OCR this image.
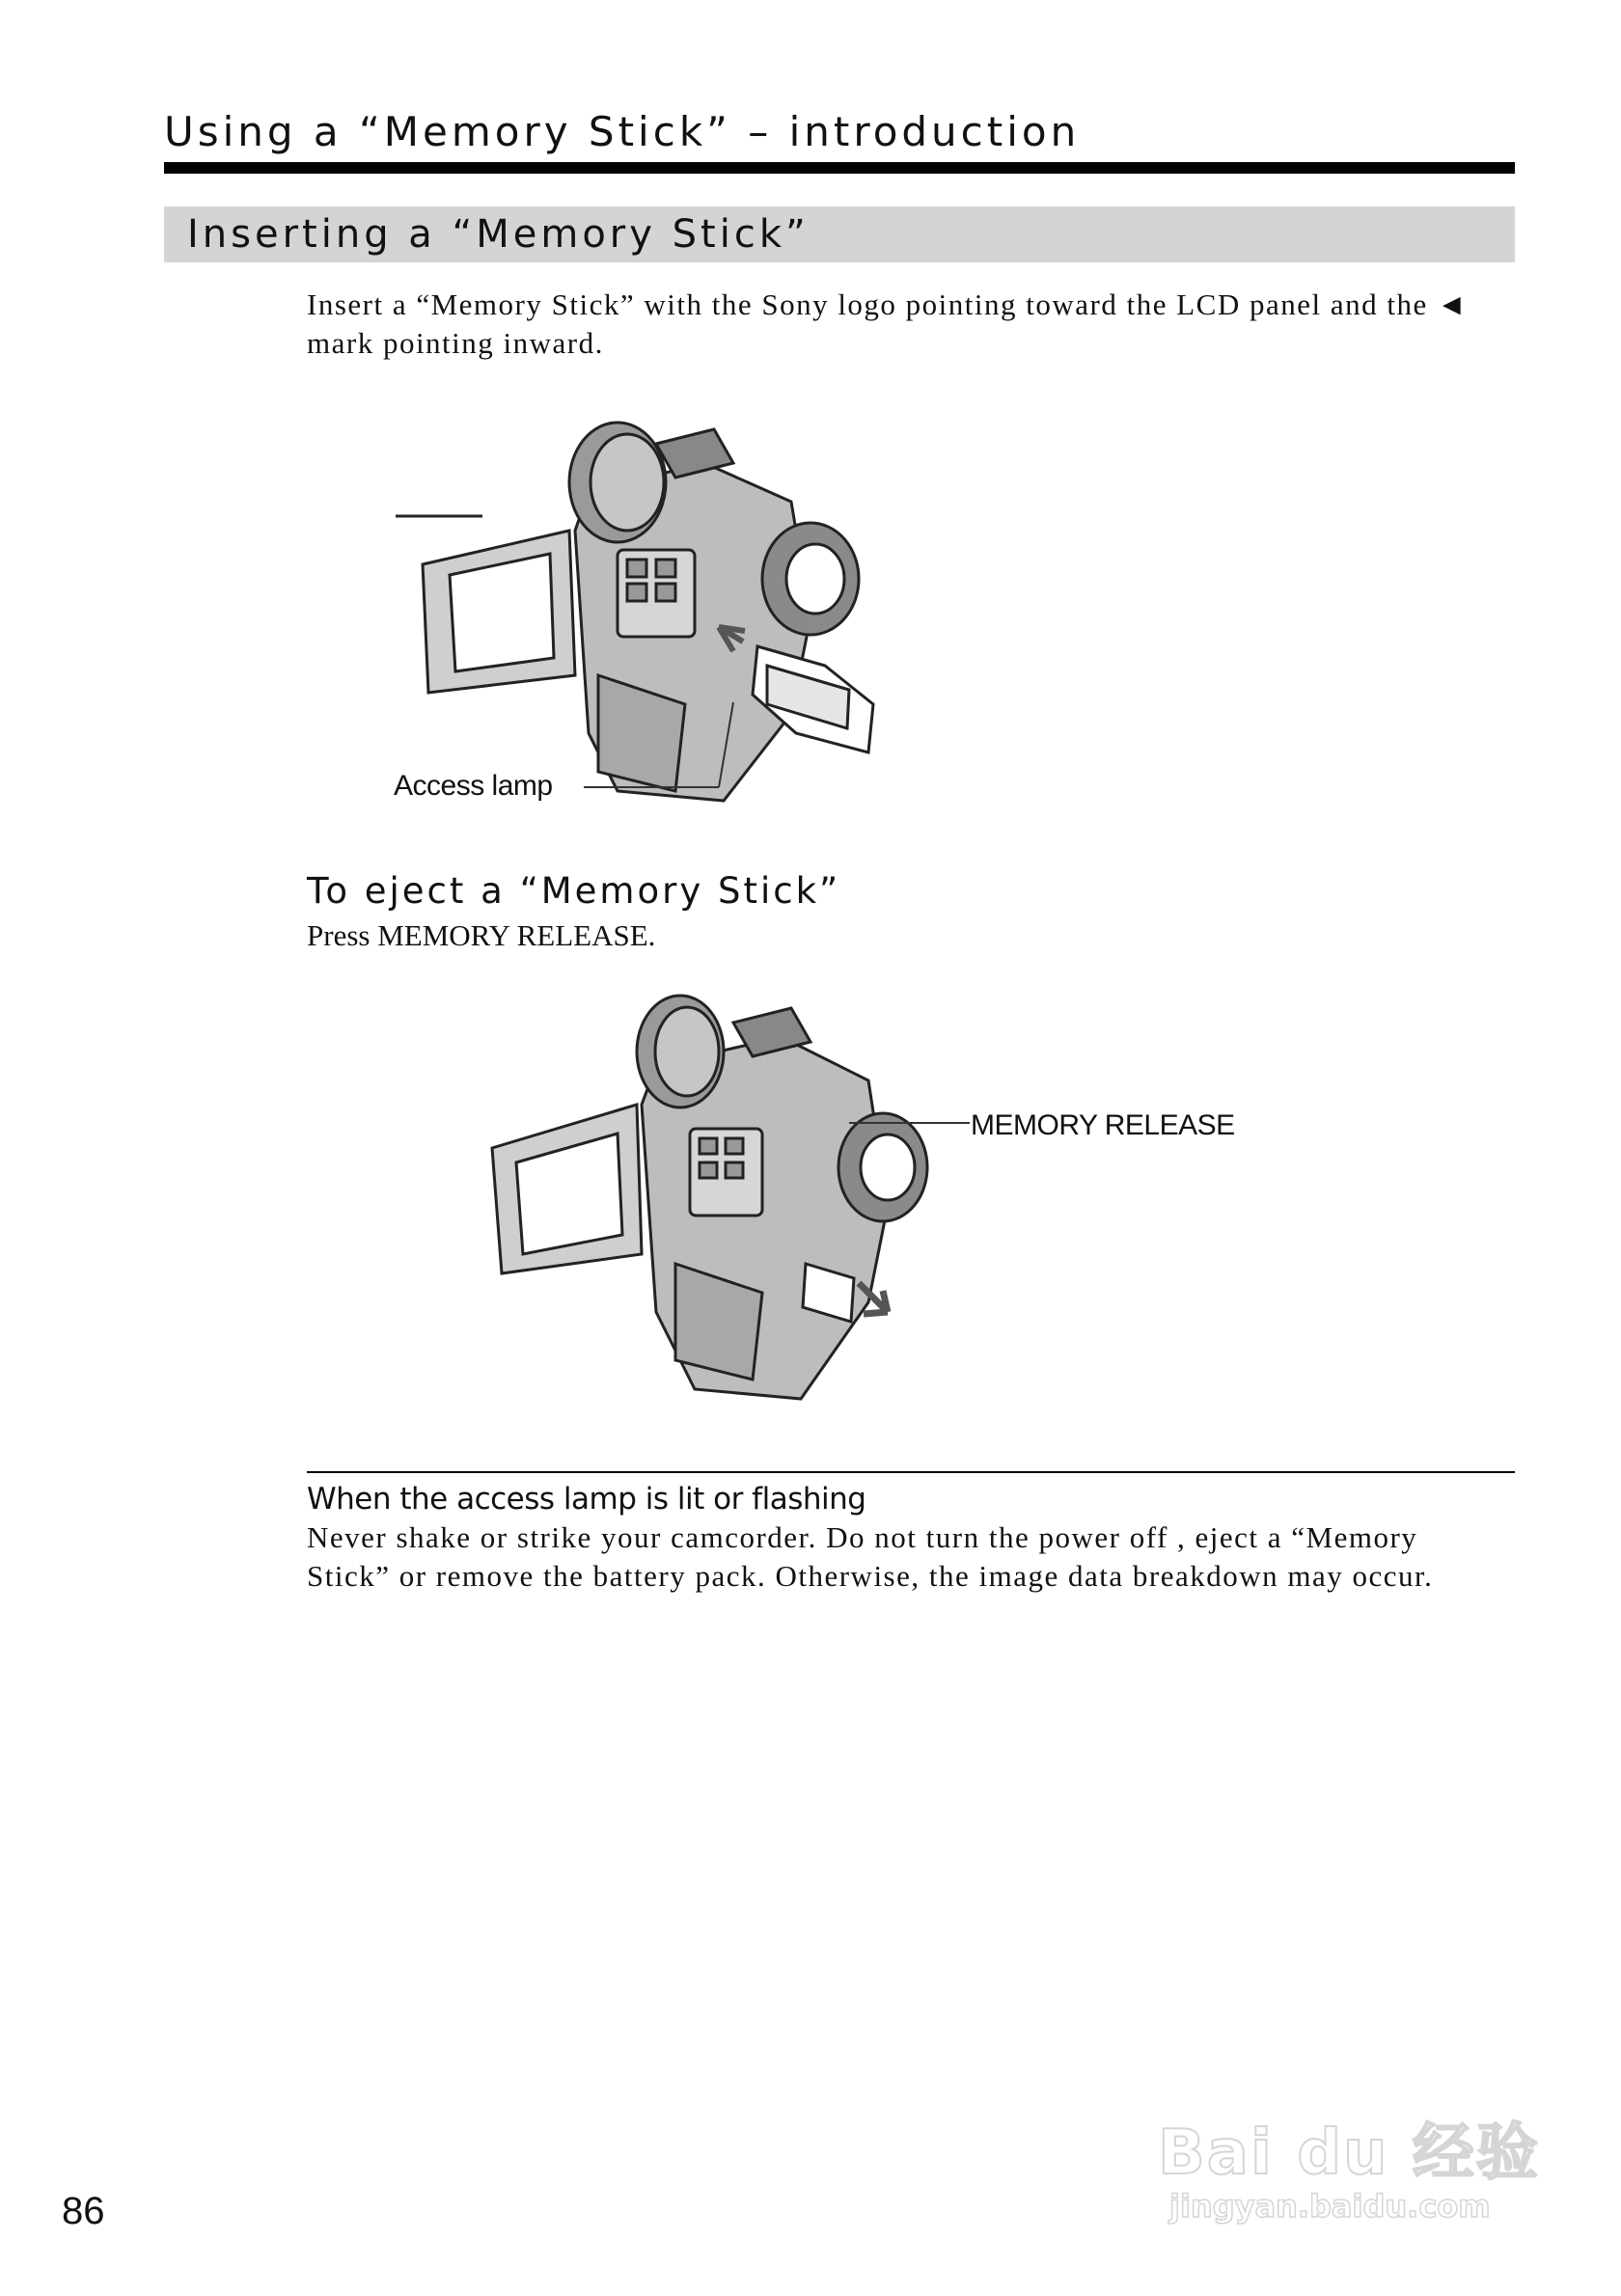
Using a “Memory Stick” – introduction
Inserting a “Memory Stick”
Insert a “Memory Stick” with the Sony logo pointing toward the LCD panel and the ◄
mark pointing inward.
Access lamp
To eject a “Memory Stick”
Press MEMORY RELEASE.
MEMORY RELEASE
When the access lamp is lit or flashing
Never shake or strike your camcorder. Do not turn the power off , eject a “Memory
Stick” or remove the battery pack. Otherwise, the image data breakdown may occur.
86
Bai du 经验
jingyan.baidu.com
